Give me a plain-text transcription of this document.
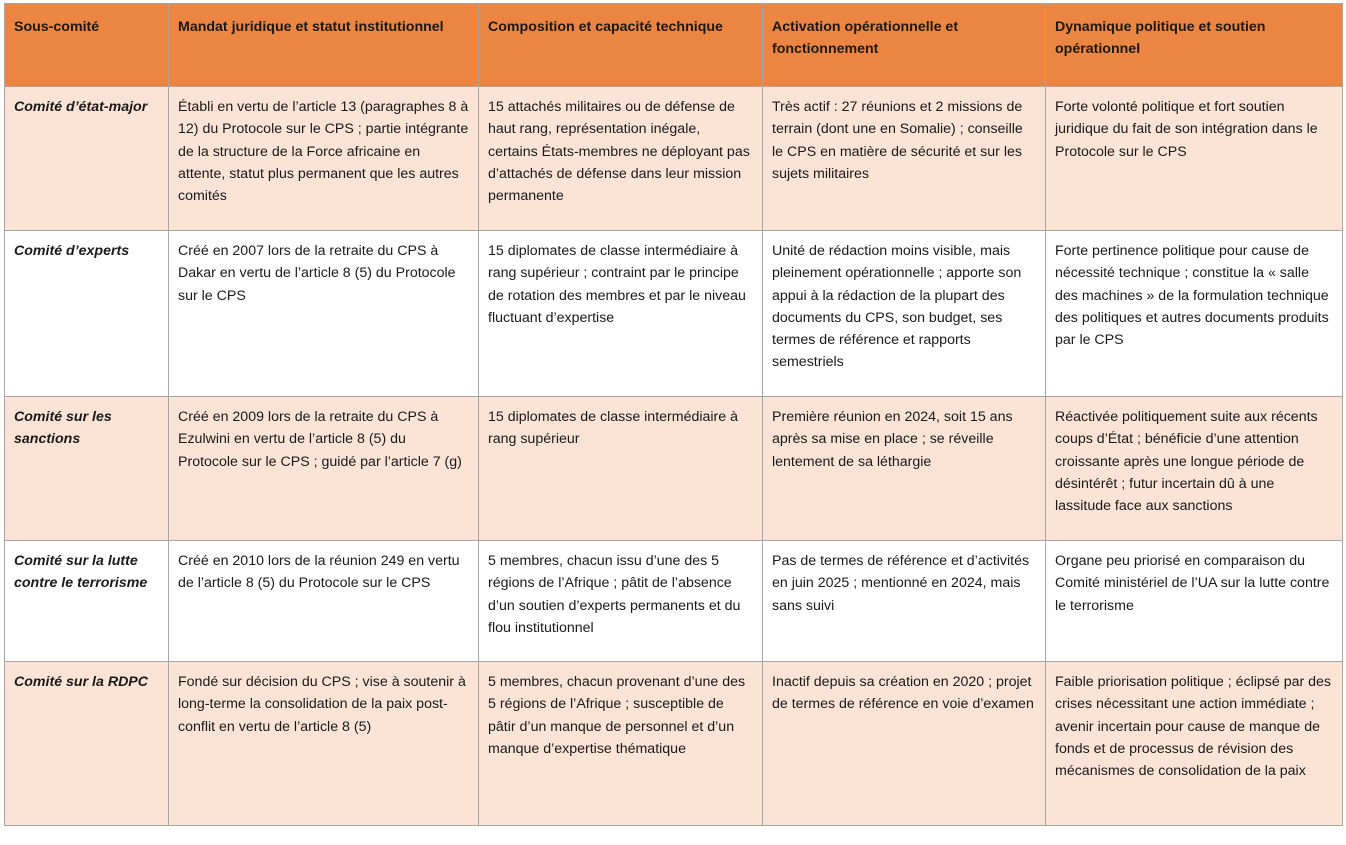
Sous-comité	Mandat juridique et statut institutionnel	Composition et capacité technique	Activation opérationnelle et fonctionnement	Dynamique politique et soutien opérationnel
Comité d’état-major	Établi en vertu de l’article 13 (paragraphes 8 à 12) du Protocole sur le CPS ; partie intégrante de la structure de la Force africaine en attente, statut plus permanent que les autres comités	15 attachés militaires ou de défense de haut rang, représentation inégale, certains États-membres ne déployant pas d’attachés de défense dans leur mission permanente	Très actif : 27 réunions et 2 missions de terrain (dont une en Somalie) ; conseille le CPS en matière de sécurité et sur les sujets militaires	Forte volonté politique et fort soutien juridique du fait de son intégration dans le Protocole sur le CPS
Comité d’experts	Créé en 2007 lors de la retraite du CPS à Dakar en vertu de l’article 8 (5) du Protocole sur le CPS	15 diplomates de classe intermédiaire à rang supérieur ; contraint par le principe de rotation des membres et par le niveau fluctuant d’expertise	Unité de rédaction moins visible, mais pleinement opérationnelle ; apporte son appui à la rédaction de la plupart des documents du CPS, son budget, ses termes de référence et rapports semestriels	Forte pertinence politique pour cause de nécessité technique ; constitue la « salle des machines » de la formulation technique des politiques et autres documents produits par le CPS
Comité sur les sanctions	Créé en 2009 lors de la retraite du CPS à Ezulwini en vertu de l’article 8 (5) du Protocole sur le CPS ; guidé par l’article 7 (g)	15 diplomates de classe intermédiaire à rang supérieur	Première réunion en 2024, soit 15 ans après sa mise en place ; se réveille lentement de sa léthargie	Réactivée politiquement suite aux récents coups d’État ; bénéficie d’une attention croissante après une longue période de désintérêt ; futur incertain dû à une lassitude face aux sanctions
Comité sur la lutte contre le terrorisme	Créé en 2010 lors de la réunion 249 en vertu de l’article 8 (5) du Protocole sur le CPS	5 membres, chacun issu d’une des 5 régions de l’Afrique ; pâtit de l’absence d’un soutien d’experts permanents et du flou institutionnel	Pas de termes de référence et d’activités en juin 2025 ; mentionné en 2024, mais sans suivi	Organe peu priorisé en comparaison du Comité ministériel de l’UA sur la lutte contre le terrorisme
Comité sur la RDPC	Fondé sur décision du CPS ; vise à soutenir à long-terme la consolidation de la paix post-conflit en vertu de l’article 8 (5)	5 membres, chacun provenant d’une des 5 régions de l’Afrique ; susceptible de pâtir d’un manque de personnel et d’un manque d’expertise thématique	Inactif depuis sa création en 2020 ; projet de termes de référence en voie d’examen	Faible priorisation politique ; éclipsé par des crises nécessitant une action immédiate ; avenir incertain pour cause de manque de fonds et de processus de révision des mécanismes de consolidation de la paix
